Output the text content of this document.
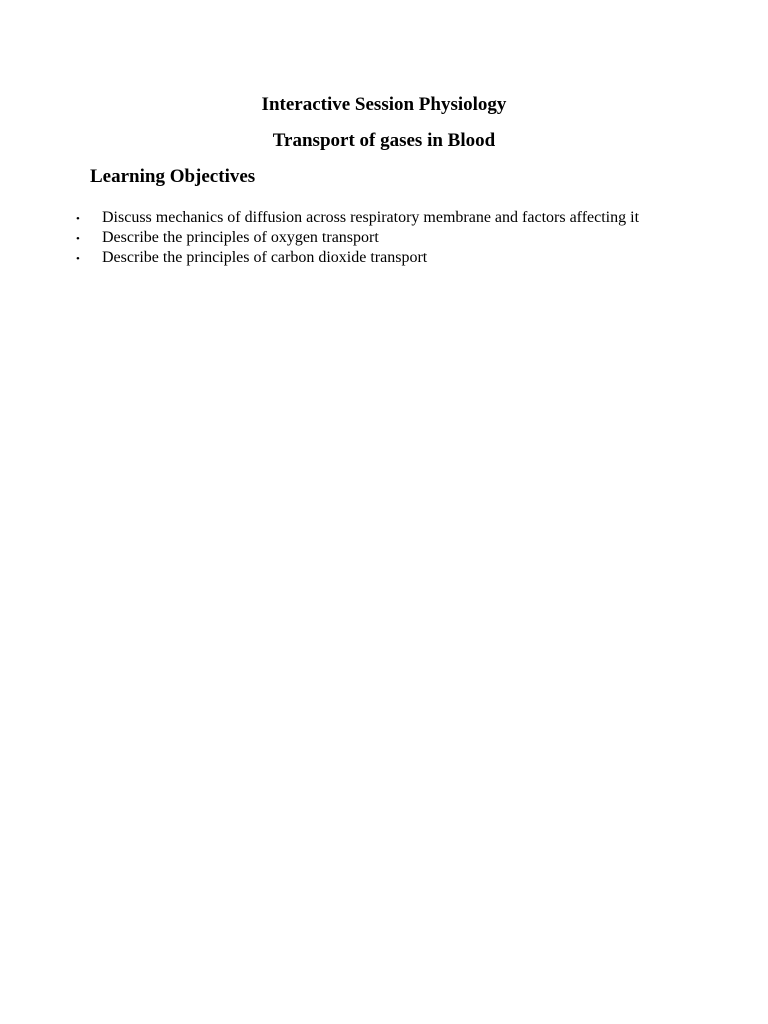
Interactive Session Physiology
Transport of gases in Blood
Learning Objectives
•	Discuss mechanics of diffusion across respiratory membrane and factors affecting it
•	Describe the principles of oxygen transport
•	Describe the principles of carbon dioxide transport
